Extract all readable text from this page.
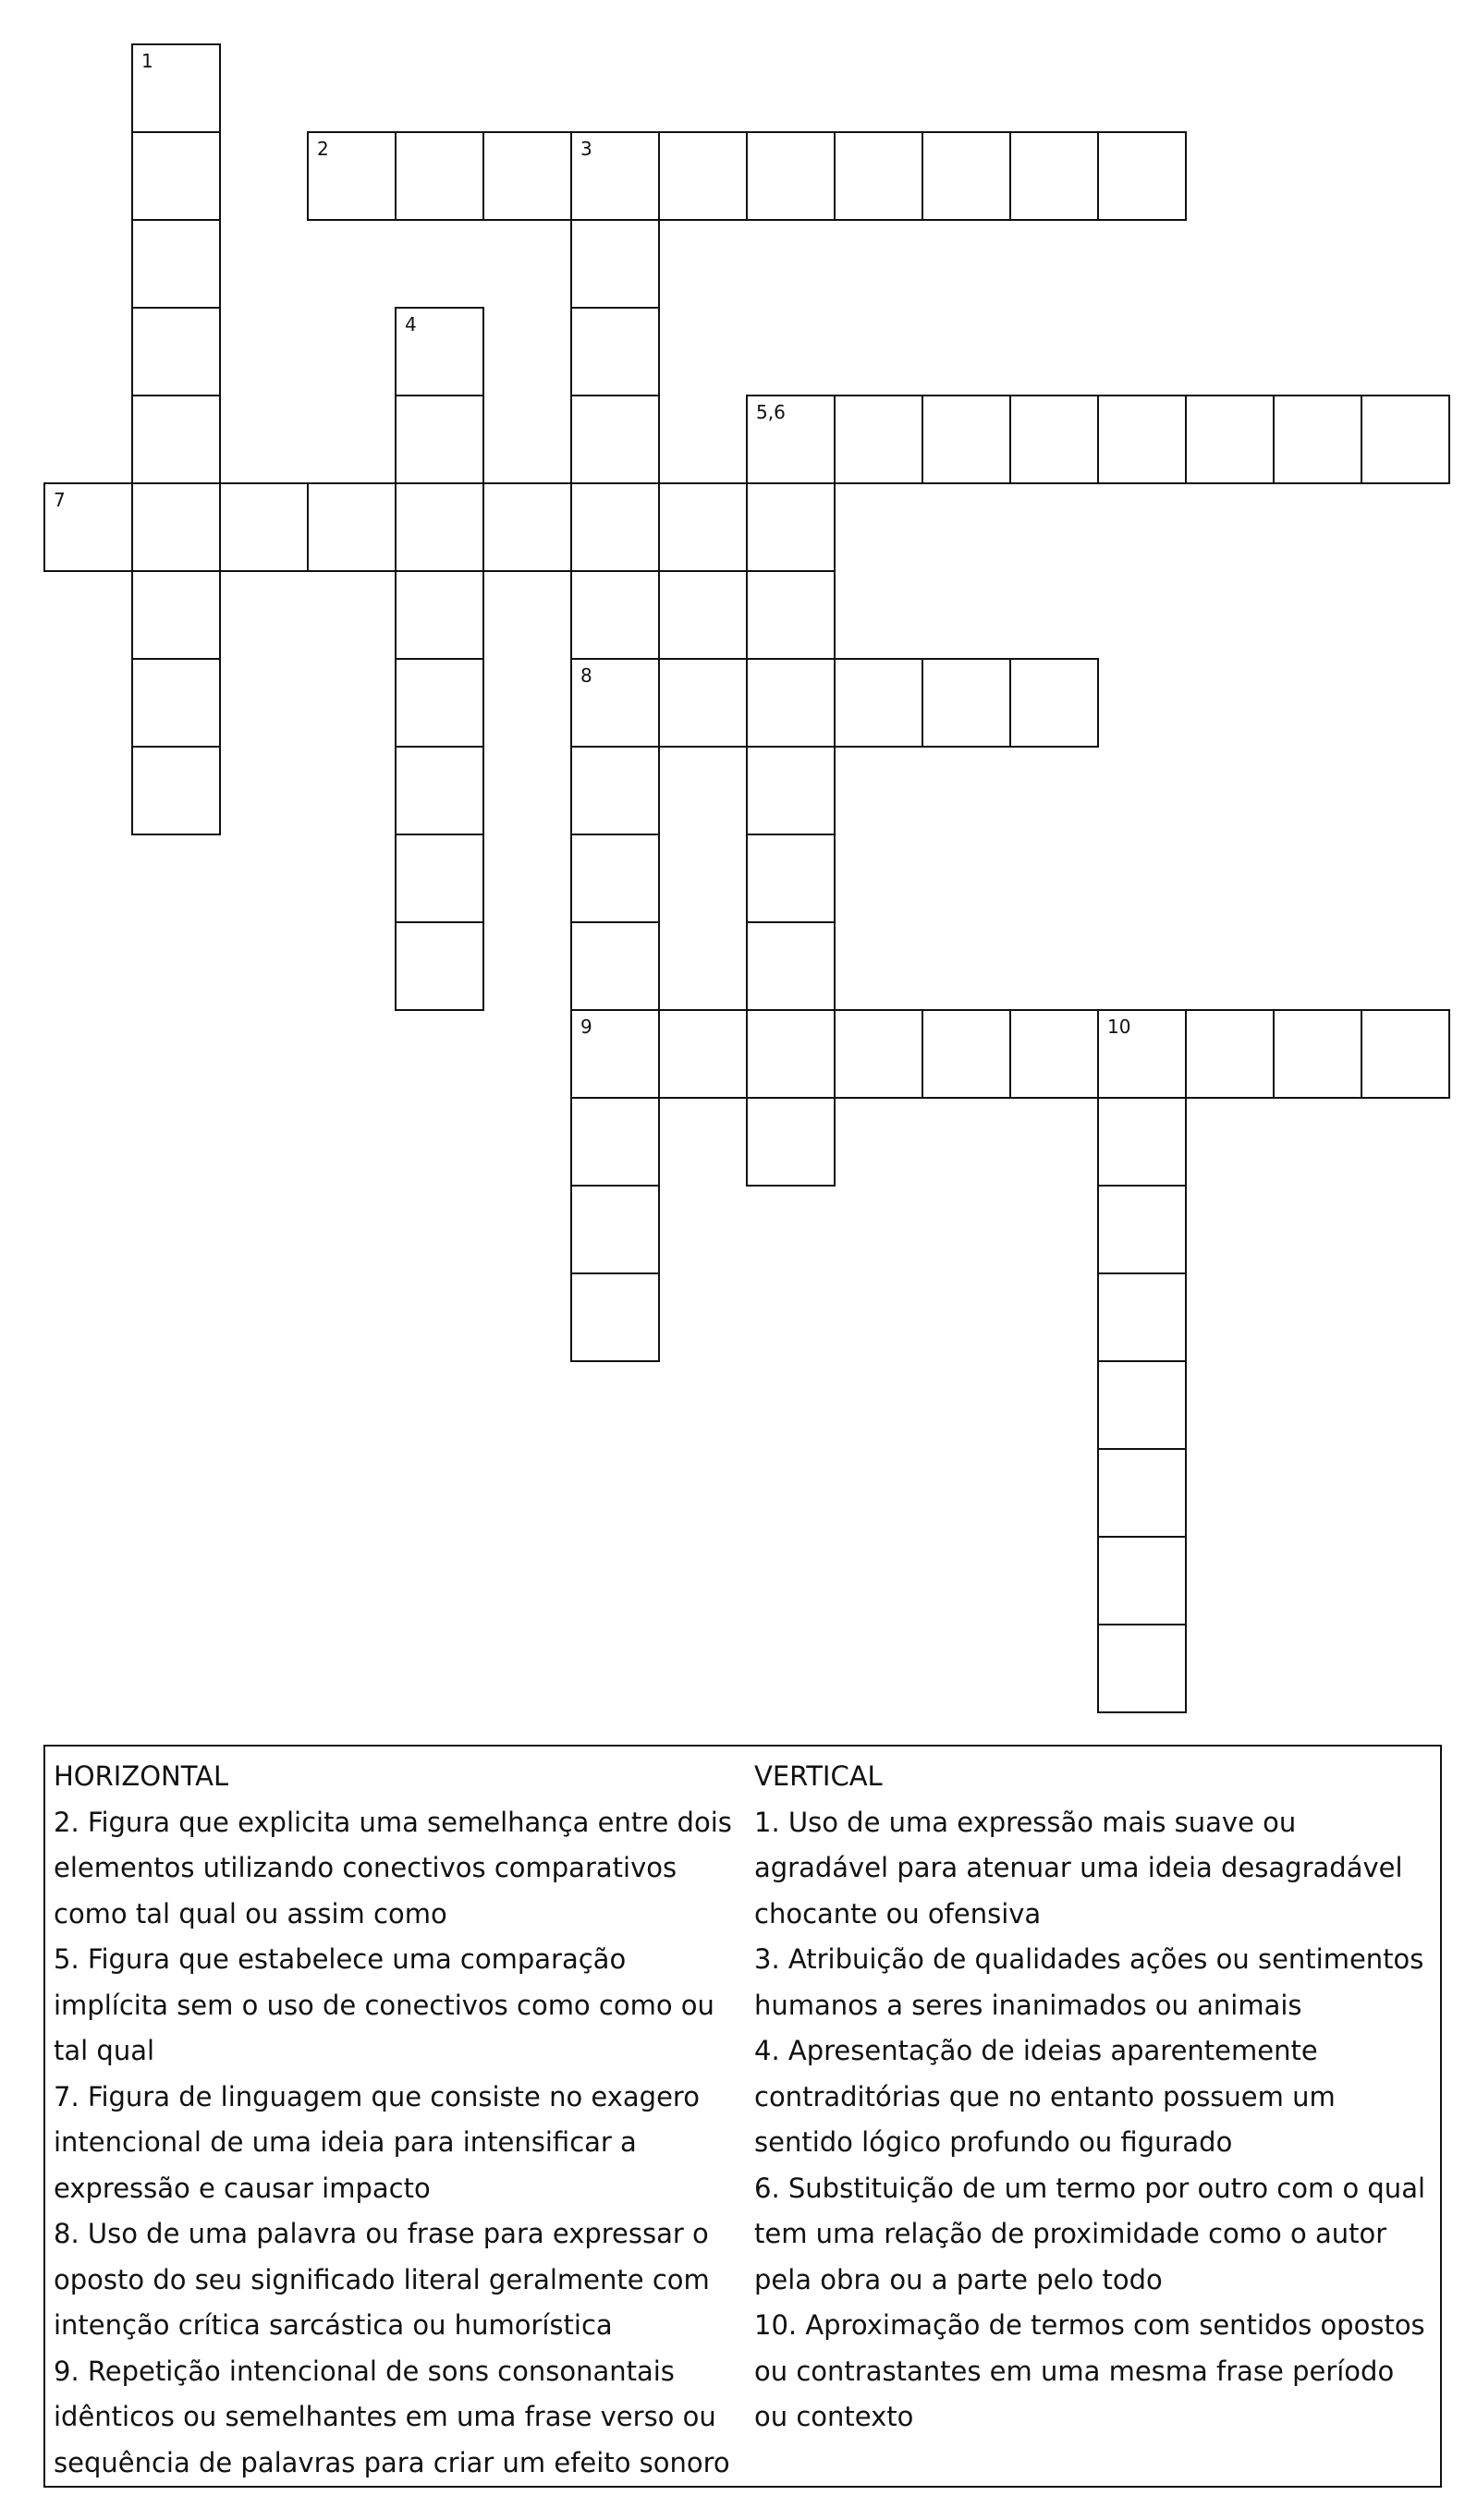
1
2	3
8
9
4
5,6
7
10

HORIZONTAL

2. Figura que explicita uma semelhança entre dois elementos utilizando conectivos comparativos como tal qual ou assim como

5. Figura que estabelece uma comparação implícita sem o uso de conectivos como como ou tal qual

7. Figura de linguagem que consiste no exagero intencional de uma ideia para intensificar a expressão e causar impacto

8. Uso de uma palavra ou frase para expressar o oposto do seu significado literal geralmente com intenção crítica sarcástica ou humorística

9. Repetição intencional de sons consonantais idênticos ou semelhantes em uma frase verso ou sequência de palavras para criar um efeito sonoro

VERTICAL

1. Uso de uma expressão mais suave ou agradável para atenuar uma ideia desagradável chocante ou ofensiva

3. Atribuição de qualidades ações ou sentimentos humanos a seres inanimados ou animais

4. Apresentação de ideias aparentemente contraditórias que no entanto possuem um sentido lógico profundo ou figurado

6. Substituição de um termo por outro com o qual tem uma relação de proximidade como o autor pela obra ou a parte pelo todo

10. Aproximação de termos com sentidos opostos ou contrastantes em uma mesma frase período ou contexto
